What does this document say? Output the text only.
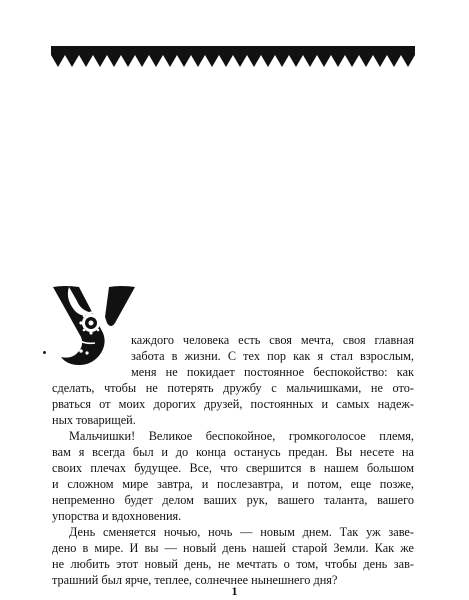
каждого человека есть своя мечта, своя главная
забота в жизни. С тех пор как я стал взрослым,
меня не покидает постоянное беспокойство: как
сделать, чтобы не потерять дружбу с мальчишками, не ото-
рваться от моих дорогих друзей, постоянных и самых надеж-
ных товарищей.
Мальчишки! Великое беспокойное, громкоголосое племя,
вам я всегда был и до конца останусь предан. Вы несете на
своих плечах будущее. Все, что свершится в нашем большом
и сложном мире завтра, и послезавтра, и потом, еще позже,
непременно будет делом ваших рук, вашего таланта, вашего
упорства и вдохновения.
День сменяется ночью, ночь — новым днем. Так уж заве-
дено в мире. И вы — новый день нашей старой Земли. Как же
не любить этот новый день, не мечтать о том, чтобы день зав-
трашний был ярче, теплее, солнечнее нынешнего дня?
1
